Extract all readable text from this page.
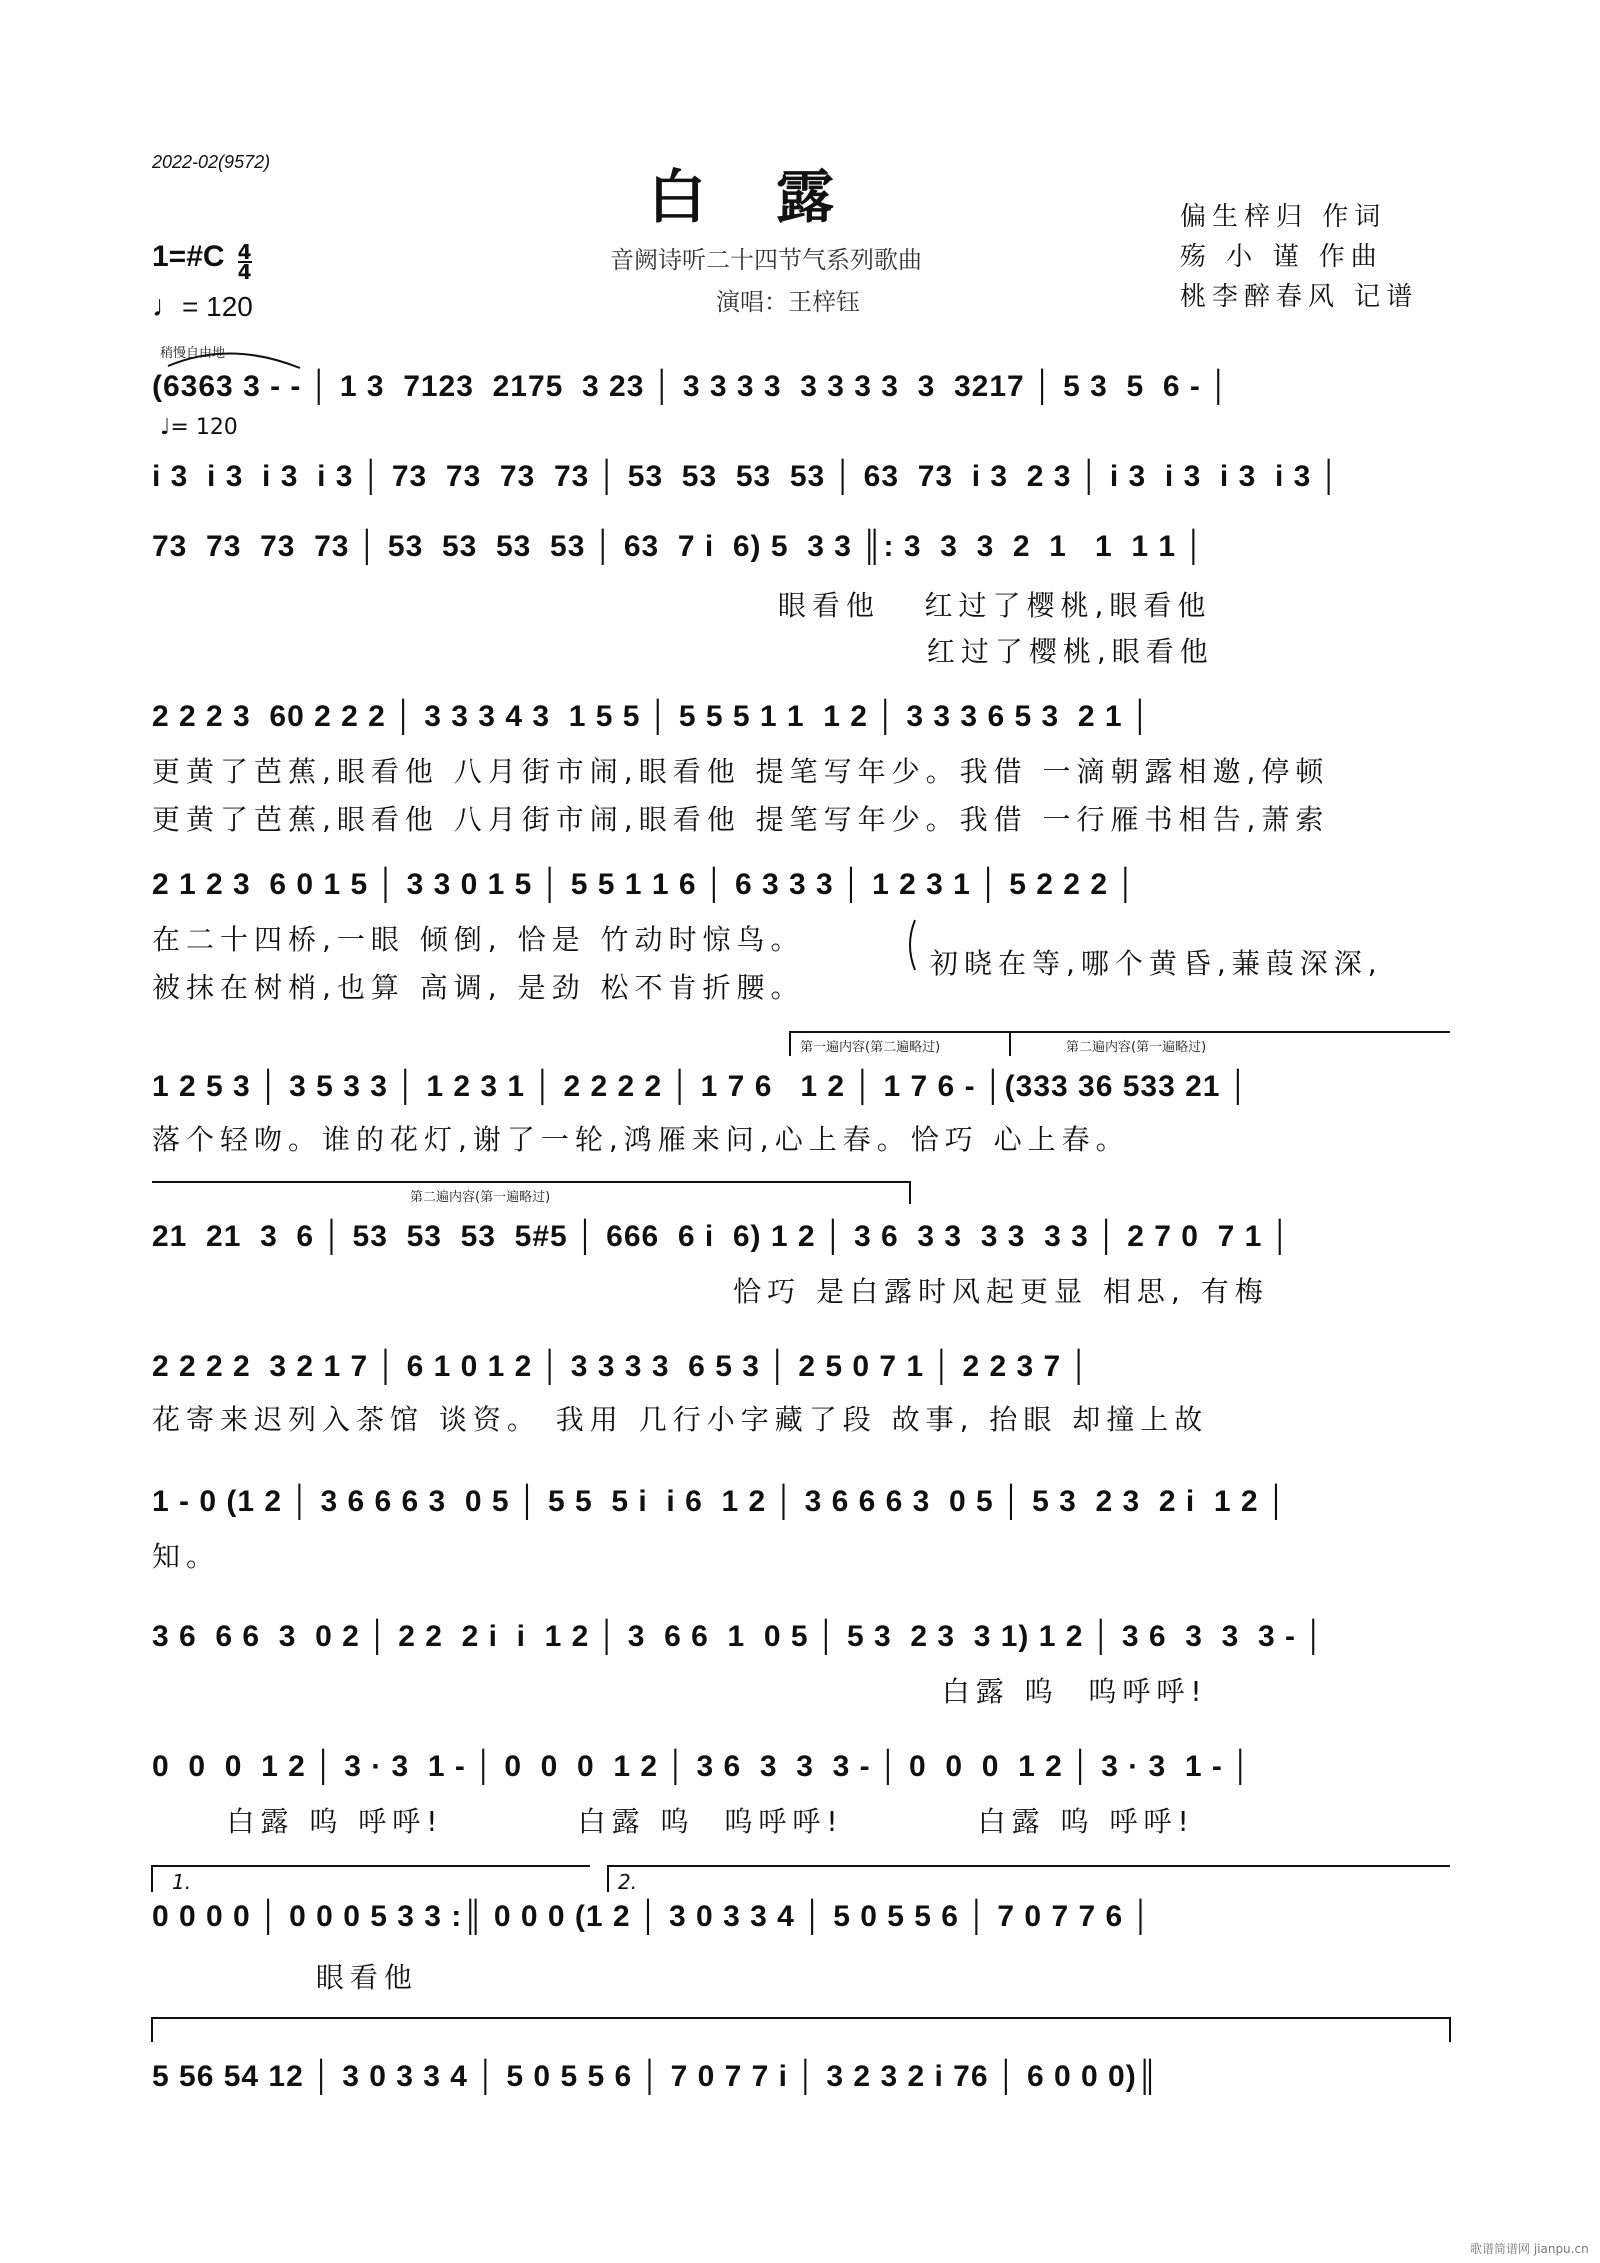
2022-02(9572)
白露
音阙诗听二十四节气系列歌曲
演唱：王梓钰
1=#C $\frac{4}{4}$
♩= 120
偏生梓归 作词
殇 小 谨 作曲
桃李醉春风 记谱
稍慢自由地
♩= 120
第一遍内容(第二遍略过)	第二遍内容(第一遍略过)
第二遍内容(第一遍略过)
1.	2.
(6363 3 - - │ 1 3  7123  2175  3 23 │ 3 3 3 3  3 3 3 3  3  3217 │ 5 3  5  6 - │
i 3  i 3  i 3  i 3 │ 73  73  73  73 │ 53  53  53  53 │ 63  73  i 3  2 3 │ i 3  i 3  i 3  i 3 │
73  73  73  73 │ 53  53  53  53 │ 63  7 i  6) 5  3 3 ║: 3  3  3  2  1   1  1 1 │
眼看他   红过了樱桃,眼看他
红过了樱桃,眼看他
2 2 2 3  60 2 2 2 │ 3 3 3 4 3  1 5 5 │ 5 5 5 1 1  1 2 │ 3 3 3 6 5 3  2 1 │
更黄了芭蕉,眼看他 八月街市闹,眼看他 提笔写年少。我借 一滴朝露相邀,停顿
更黄了芭蕉,眼看他 八月街市闹,眼看他 提笔写年少。我借 一行雁书相告,萧索
2 1 2 3  6 0 1 5 │ 3 3 0 1 5 │ 5 5 1 1 6 │ 6 3 3 3 │ 1 2 3 1 │ 5 2 2 2 │
在二十四桥,一眼 倾倒, 恰是 竹动时惊鸟。
被抹在树梢,也算 高调, 是劲 松不肯折腰。
初晓在等,哪个黄昏,蒹葭深深,
1 2 5 3 │ 3 5 3 3 │ 1 2 3 1 │ 2 2 2 2 │ 1 7 6   1 2 │ 1 7 6 - │(333 36 533 21 │
落个轻吻。谁的花灯,谢了一轮,鸿雁来问,心上春。恰巧 心上春。
21  21  3  6 │ 53  53  53  5#5 │ 666  6 i  6) 1 2 │ 3 6  3 3  3 3  3 3 │ 2 7 0  7 1 │
恰巧 是白露时风起更显 相思, 有梅
2 2 2 2  3 2 1 7 │ 6 1 0 1 2 │ 3 3 3 3  6 5 3 │ 2 5 0 7 1 │ 2 2 3 7 │
花寄来迟列入茶馆 谈资。 我用 几行小字藏了段 故事, 抬眼 却撞上故
1 - 0 (1 2 │ 3 6 6 6 3  0 5 │ 5 5  5 i  i 6  1 2 │ 3 6 6 6 3  0 5 │ 5 3  2 3  2 i  1 2 │
知。
3 6  6 6  3  0 2 │ 2 2  2 i  i  1 2 │ 3  6 6  1  0 5 │ 5 3  2 3  3 1) 1 2 │ 3 6  3  3  3 - │
白露 呜  呜呼呼!
0  0  0  1 2 │ 3 · 3  1 - │ 0  0  0  1 2 │ 3 6  3  3  3 - │ 0  0  0  1 2 │ 3 · 3  1 - │
白露 呜 呼呼!         白露 呜  呜呼呼!         白露 呜 呼呼!
0 0 0 0 │ 0 0 0 5 3 3 :║ 0 0 0 (1 2 │ 3 0 3 3 4 │ 5 0 5 5 6 │ 7 0 7 7 6 │
眼看他
5 56 54 12 │ 3 0 3 3 4 │ 5 0 5 5 6 │ 7 0 7 7 i │ 3 2 3 2 i 76 │ 6 0 0 0)║
歌谱简谱网 jianpu.cn
